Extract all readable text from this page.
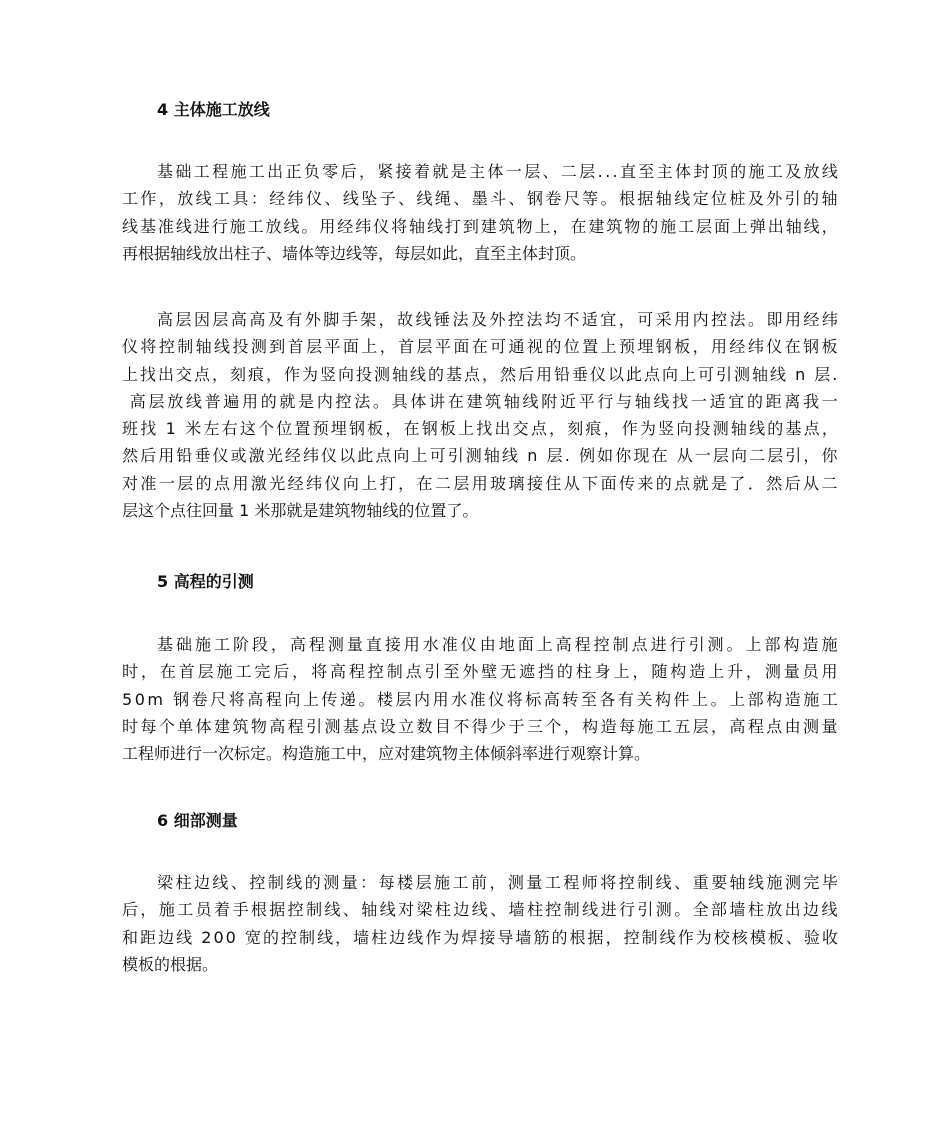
4 主体施工放线
基 础 工 程 施 工 出 正 负 零 后 ， 紧 接 着 就 是 主 体 一 层 、 二 层 . . . 直 至 主 体 封 顶 的 施 工 及 放 线
工 作 ， 放 线 工 具 ： 经 纬 仪 、 线 坠 子 、 线 绳 、 墨 斗 、 钢 卷 尺 等 。 根 据 轴 线 定 位 桩 及 外 引 的 轴
线 基 准 线 进 行 施 工 放 线 。 用 经 纬 仪 将 轴 线 打 到 建 筑 物 上 ， 在 建 筑 物 的 施 工 层 面 上 弹 出 轴 线 ，
再根据轴线放出柱子、墙体等边线等，每层如此，直至主体封顶。
高 层 因 层 高 高 及 有 外 脚 手 架 ， 故 线 锤 法 及 外 控 法 均 不 适 宜 ， 可 采 用 内 控 法 。 即 用 经 纬
仪 将 控 制 轴 线 投 测 到 首 层 平 面 上 ， 首 层 平 面 在 可 通 视 的 位 置 上 预 埋 钢 板 ， 用 经 纬 仪 在 钢 板
上 找 出 交 点 ， 刻 痕 ， 作 为 竖 向 投 测 轴 线 的 基 点 ， 然 后 用 铅 垂 仪 以 此 点 向 上 可 引 测 轴 线
n
层 .

高 层 放 线 普 遍 用 的 就 是 内 控 法 。 具 体 讲 在 建 筑 轴 线 附 近 平 行 与 轴 线 找 一 适 宜 的 距 离 我 一
班 找
1
米 左 右 这 个 位 置 预 埋 钢 板 ， 在 钢 板 上 找 出 交 点 ， 刻 痕 ， 作 为 竖 向 投 测 轴 线 的 基 点 ，
然 后 用 铅 垂 仪 或 激 光 经 纬 仪 以 此 点 向 上 可 引 测 轴 线
n
层 .
例 如 你 现 在
从 一 层 向 二 层 引 ， 你
对 准 一 层 的 点 用 激 光 经 纬 仪 向 上 打 ， 在 二 层 用 玻 璃 接 住 从 下 面 传 来 的 点 就 是 了 ． 然 后 从 二
层这个点往回量 1 米那就是建筑物轴线的位置了。
5 高程的引测
基 础 施 工 阶 段 ， 高 程 测 量 直 接 用 水 准 仪 由 地 面 上 高 程 控 制 点 进 行 引 测 。 上 部 构 造 施
时 ， 在 首 层 施 工 完 后 ， 将 高 程 控 制 点 引 至 外 壁 无 遮 挡 的 柱 身 上 ， 随 构 造 上 升 ， 测 量 员 用
5 0 m
钢 卷 尺 将 高 程 向 上 传 递 。 楼 层 内 用 水 准 仪 将 标 高 转 至 各 有 关 构 件 上 。 上 部 构 造 施 工
时 每 个 单 体 建 筑 物 高 程 引 测 基 点 设 立 数 目 不 得 少 于 三 个 ， 构 造 每 施 工 五 层 ， 高 程 点 由 测 量
工程师进行一次标定。构造施工中，应对建筑物主体倾斜率进行观察计算。
6 细部测量
梁 柱 边 线 、 控 制 线 的 测 量 ： 每 楼 层 施 工 前 ， 测 量 工 程 师 将 控 制 线 、 重 要 轴 线 施 测 完 毕
后 ， 施 工 员 着 手 根 据 控 制 线 、 轴 线 对 梁 柱 边 线 、 墙 柱 控 制 线 进 行 引 测 。 全 部 墙 柱 放 出 边 线
和 距 边 线
2 0 0
宽 的 控 制 线 ， 墙 柱 边 线 作 为 焊 接 导 墙 筋 的 根 据 ， 控 制 线 作 为 校 核 模 板 、 验 收
模板的根据。
